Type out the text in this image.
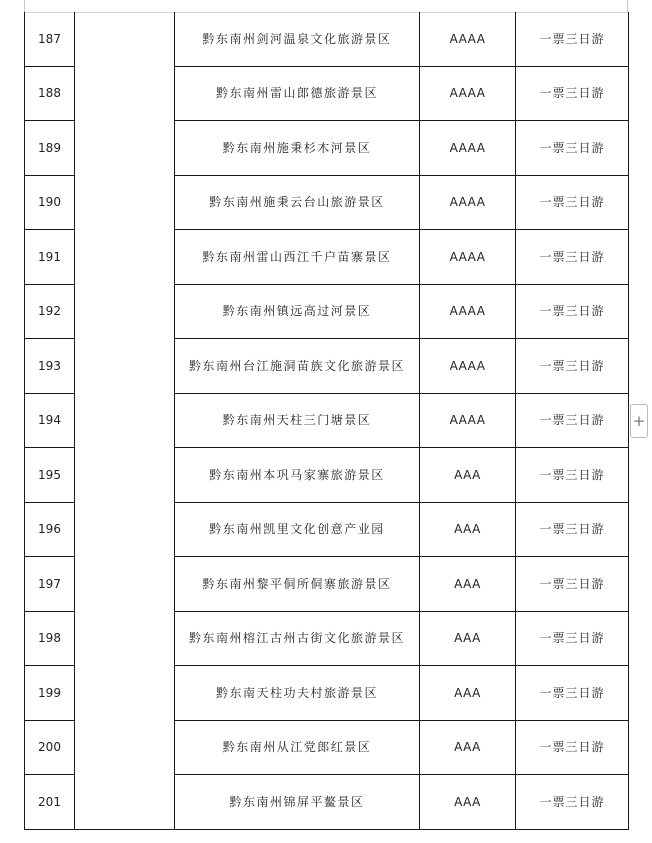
187		黔东南州剑河温泉文化旅游景区	AAAA	一票三日游
188		黔东南州雷山郎德旅游景区	AAAA	一票三日游
189		黔东南州施秉杉木河景区	AAAA	一票三日游
190		黔东南州施秉云台山旅游景区	AAAA	一票三日游
191		黔东南州雷山西江千户苗寨景区	AAAA	一票三日游
192		黔东南州镇远高过河景区	AAAA	一票三日游
193		黔东南州台江施洞苗族文化旅游景区	AAAA	一票三日游
194		黔东南州天柱三门塘景区	AAAA	一票三日游
195		黔东南州本巩马家寨旅游景区	AAA	一票三日游
196		黔东南州凯里文化创意产业园	AAA	一票三日游
197		黔东南州黎平侗所侗寨旅游景区	AAA	一票三日游
198		黔东南州榕江古州古街文化旅游景区	AAA	一票三日游
199		黔东南天柱功夫村旅游景区	AAA	一票三日游
200		黔东南州从江党郎红景区	AAA	一票三日游
201		黔东南州锦屏平鳌景区	AAA	一票三日游
+
